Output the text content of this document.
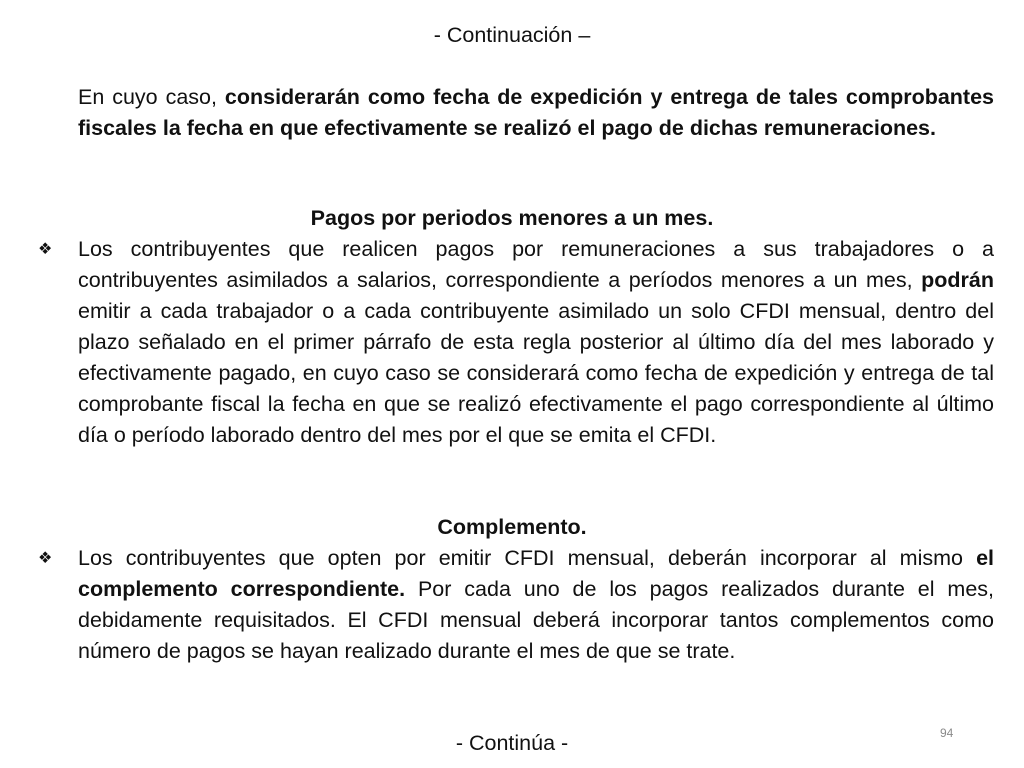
- Continuación –

En cuyo caso, considerarán como fecha de expedición y entrega de tales comprobantes fiscales la fecha en que efectivamente se realizó el pago de dichas remuneraciones.

Pagos por periodos menores a un mes.
❖ Los contribuyentes que realicen pagos por remuneraciones a sus trabajadores o a contribuyentes asimilados a salarios, correspondiente a períodos menores a un mes, podrán emitir a cada trabajador o a cada contribuyente asimilado un solo CFDI mensual, dentro del plazo señalado en el primer párrafo de esta regla posterior al último día del mes laborado y efectivamente pagado, en cuyo caso se considerará como fecha de expedición y entrega de tal comprobante fiscal la fecha en que se realizó efectivamente el pago correspondiente al último día o período laborado dentro del mes por el que se emita el CFDI.

Complemento.
❖ Los contribuyentes que opten por emitir CFDI mensual, deberán incorporar al mismo el complemento correspondiente. Por cada uno de los pagos realizados durante el mes, debidamente requisitados. El CFDI mensual deberá incorporar tantos complementos como número de pagos se hayan realizado durante el mes de que se trate.

94
- Continúa -
